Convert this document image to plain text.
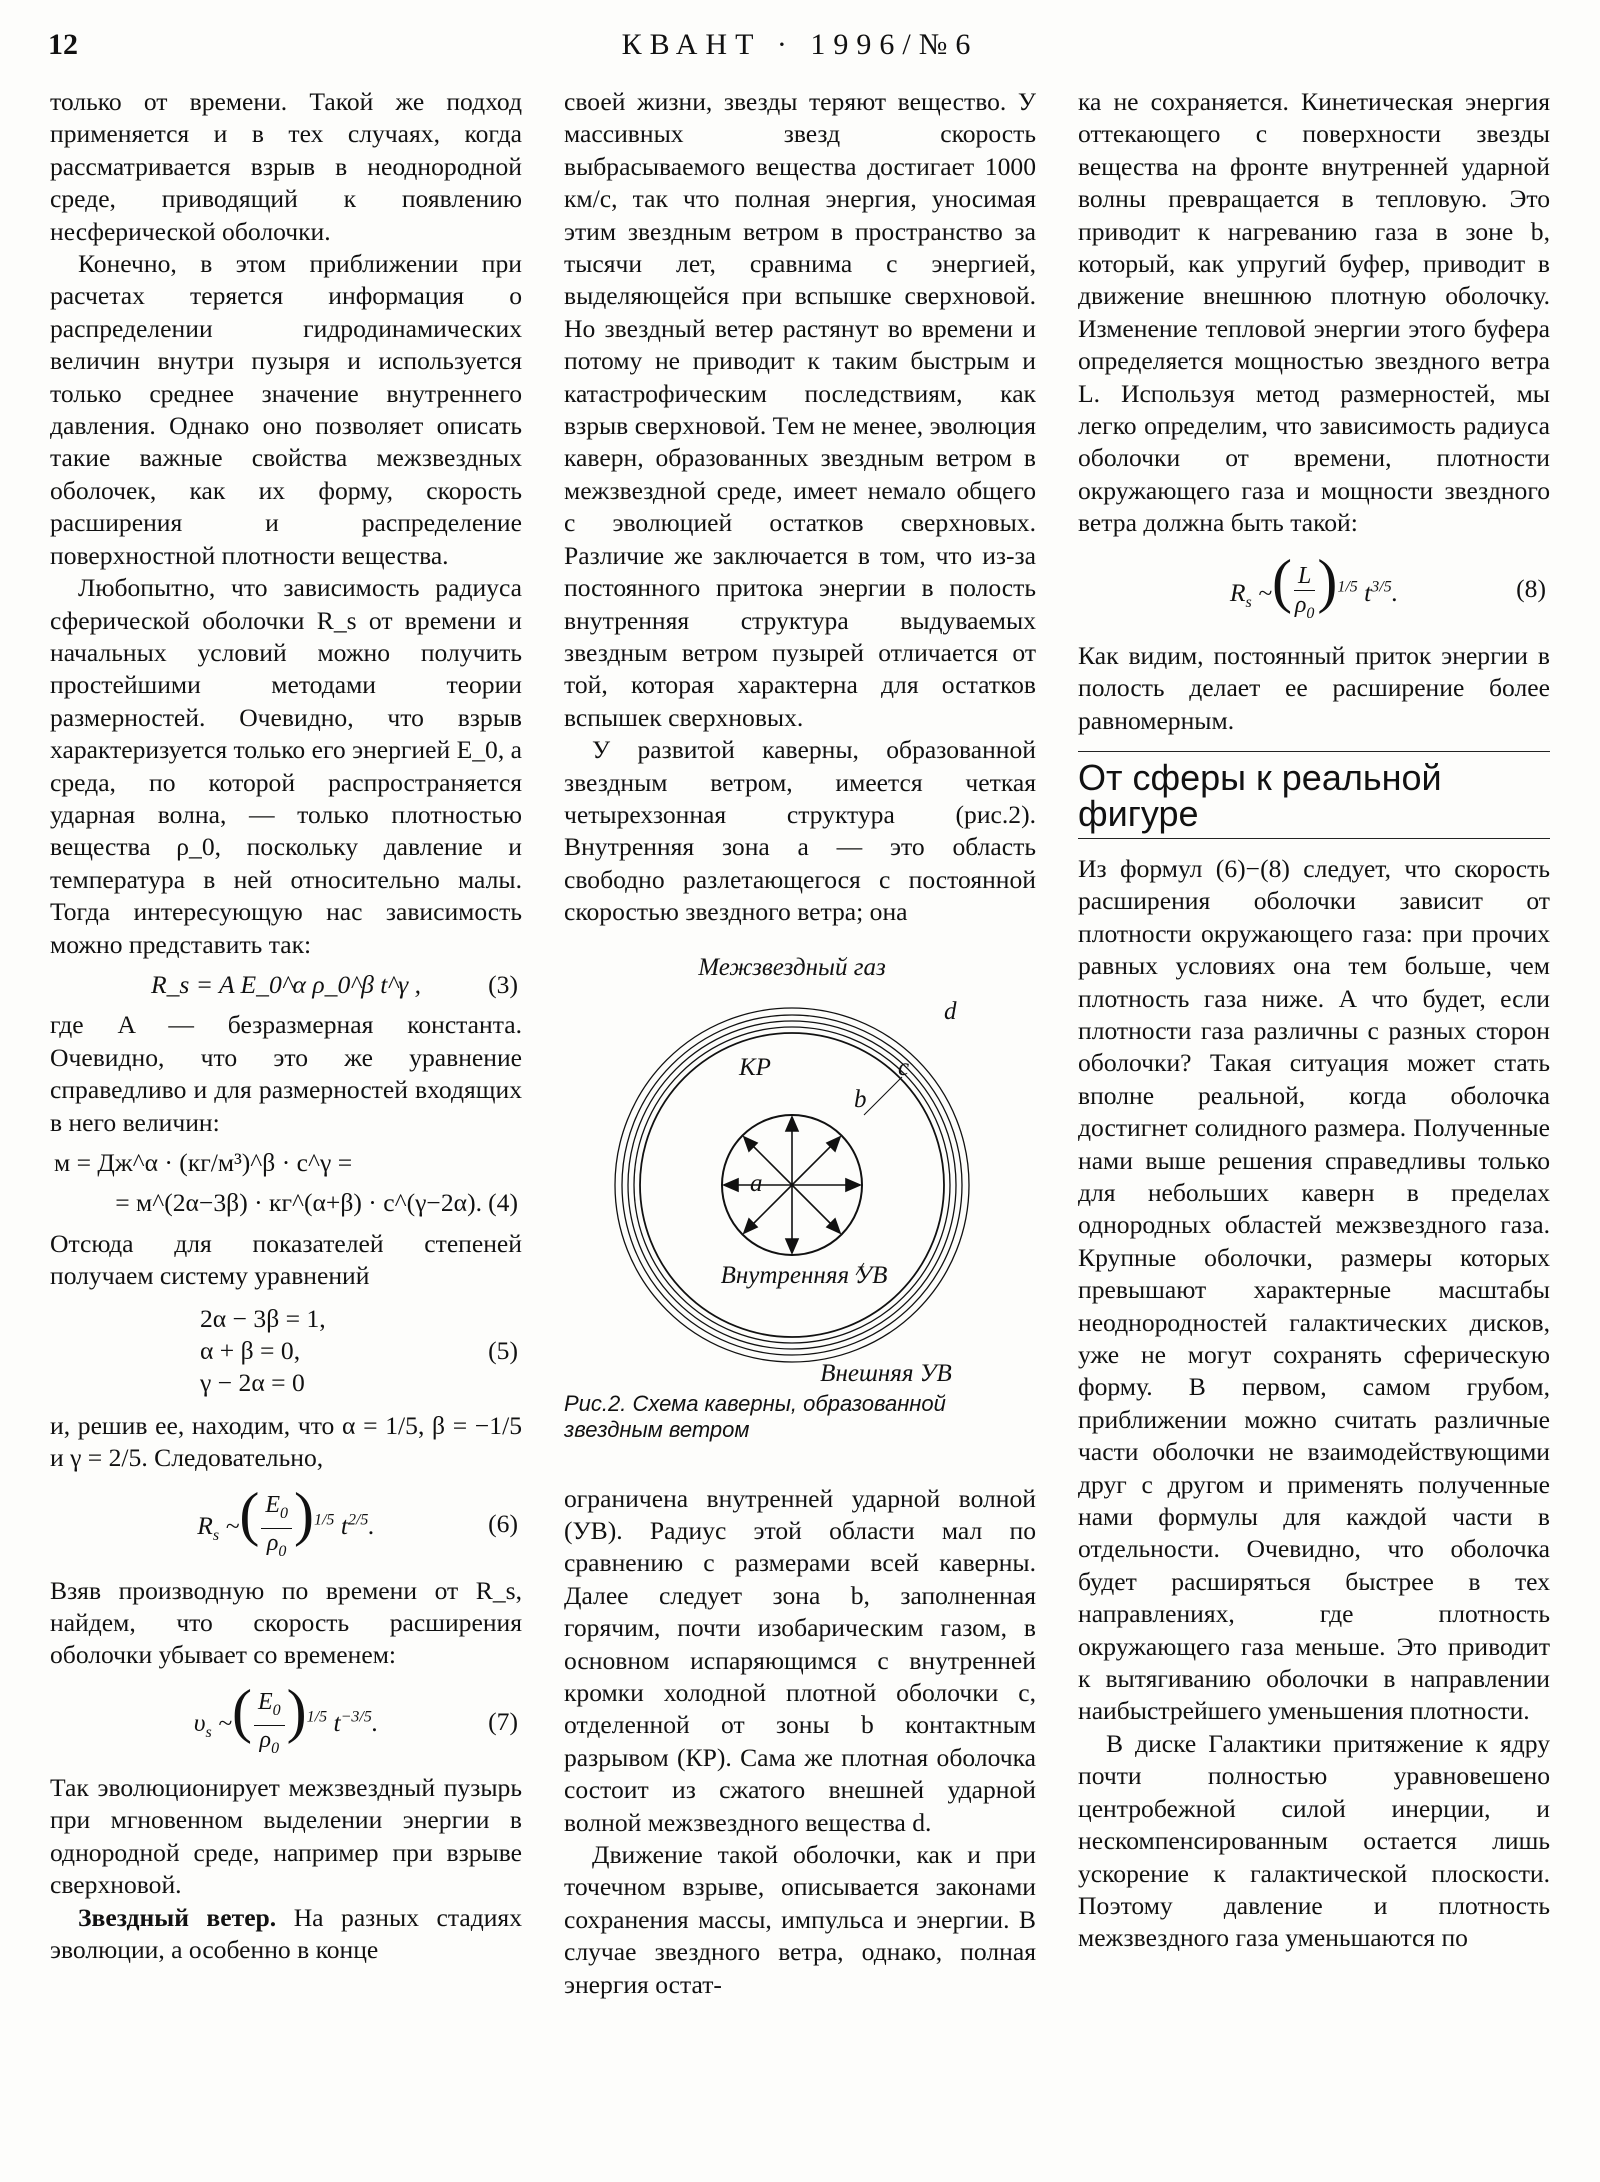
12	КВАНТ · 1996/№6

только от времени. Такой же подход применяется и в тех случаях, когда рассматривается взрыв в неоднородной среде, приводящий к появлению несферической оболочки.

Конечно, в этом приближении при расчетах теряется информация о распределении гидродинамических величин внутри пузыря и используется только среднее значение внутреннего давления. Однако оно позволяет описать такие важные свойства межзвездных оболочек, как их форму, скорость расширения и распределение поверхностной плотности вещества.

Любопытно, что зависимость радиуса сферической оболочки R_s от времени и начальных условий можно получить простейшими методами теории размерностей. Очевидно, что взрыв характеризуется только его энергией E_0, а среда, по которой распространяется ударная волна, — только плотностью вещества ρ_0, поскольку давление и температура в ней относительно малы. Тогда интересующую нас зависимость можно представить так:

R_s = A E_0^α ρ_0^β t^γ ,	(3)

где A — безразмерная константа. Очевидно, что это же уравнение справедливо и для размерностей входящих в него величин:

м = Дж^α · (кг/м³)^β · с^γ =
= м^(2α−3β) · кг^(α+β) · с^(γ−2α). (4)

Отсюда для показателей степеней получаем систему уравнений

2α − 3β = 1,
α + β = 0,
γ − 2α = 0
(5)

и, решив ее, находим, что α = 1/5, β = −1/5 и γ = 2/5. Следовательно,

$R_s$ ~( $\frac{E_0}{\rho_0} )^{1/5}$ $t^{2/5}$.	(6)

Взяв производную по времени от R_s, найдем, что скорость расширения оболочки убывает со временем:

$\upsilon_s$ ~( $\frac{E_0}{\rho_0} )^{1/5}$ $t^{-3/5}$.	(7)

Так эволюционирует межзвездный пузырь при мгновенном выделении энергии в однородной среде, например при взрыве сверхновой.

Звездный ветер. На разных стадиях эволюции, а особенно в конце

своей жизни, звезды теряют вещество. У массивных звезд скорость выбрасываемого вещества достигает 1000 км/с, так что полная энергия, уносимая этим звездным ветром в пространство за тысячи лет, сравнима с энергией, выделяющейся при вспышке сверхновой. Но звездный ветер растянут во времени и потому не приводит к таким быстрым и катастрофическим последствиям, как взрыв сверхновой. Тем не менее, эволюция каверн, образованных звездным ветром в межзвездной среде, имеет немало общего с эволюцией остатков сверхновых. Различие же заключается в том, что из-за постоянного притока энергии в полость внутренняя структура выдуваемых звездным ветром пузырей отличается от той, которая характерна для остатков вспышек сверхновых.

У развитой каверны, образованной звездным ветром, имеется четкая четырехзонная структура (рис.2). Внутренняя зона a — это область свободно разлетающегося с постоянной скоростью звездного ветра; она

Межзвездный газ
d
КР	c
b
a
Внутренняя УВ
Внешняя УВ
Рис.2. Схема каверны, образованной звездным ветром

ограничена внутренней ударной волной (УВ). Радиус этой области мал по сравнению с размерами всей каверны. Далее следует зона b, заполненная горячим, почти изобарическим газом, в основном испаряющимся с внутренней кромки холодной плотной оболочки c, отделенной от зоны b контактным разрывом (КР). Сама же плотная оболочка состоит из сжатого внешней ударной волной межзвездного вещества d.

Движение такой оболочки, как и при точечном взрыве, описывается законами сохранения массы, импульса и энергии. В случае звездного ветра, однако, полная энергия остат-

ка не сохраняется. Кинетическая энергия оттекающего с поверхности звезды вещества на фронте внутренней ударной волны превращается в тепловую. Это приводит к нагреванию газа в зоне b, который, как упругий буфер, приводит в движение внешнюю плотную оболочку. Изменение тепловой энергии этого буфера определяется мощностью звездного ветра L. Используя метод размерностей, мы легко определим, что зависимость радиуса оболочки от времени, плотности окружающего газа и мощности звездного ветра должна быть такой:

$R_s$ ~( $\frac{L}{\rho_0} )^{1/5}$ $t^{3/5}$.	(8)

Как видим, постоянный приток энергии в полость делает ее расширение более равномерным.

От сферы к реальной фигуре

Из формул (6)−(8) следует, что скорость расширения оболочки зависит от плотности окружающего газа: при прочих равных условиях она тем больше, чем плотность газа ниже. А что будет, если плотности газа различны с разных сторон оболочки? Такая ситуация может стать вполне реальной, когда оболочка достигнет солидного размера. Полученные нами выше решения справедливы только для небольших каверн в пределах однородных областей межзвездного газа. Крупные оболочки, размеры которых превышают характерные масштабы неоднородностей галактических дисков, уже не могут сохранять сферическую форму. В первом, самом грубом, приближении можно считать различные части оболочки не взаимодействующими друг с другом и применять полученные нами формулы для каждой части в отдельности. Очевидно, что оболочка будет расширяться быстрее в тех направлениях, где плотность окружающего газа меньше. Это приводит к вытягиванию оболочки в направлении наибыстрейшего уменьшения плотности.

В диске Галактики притяжение к ядру почти полностью уравновешено центробежной силой инерции, и нескомпенсированным остается лишь ускорение к галактической плоскости. Поэтому давление и плотность межзвездного газа уменьшаются по
